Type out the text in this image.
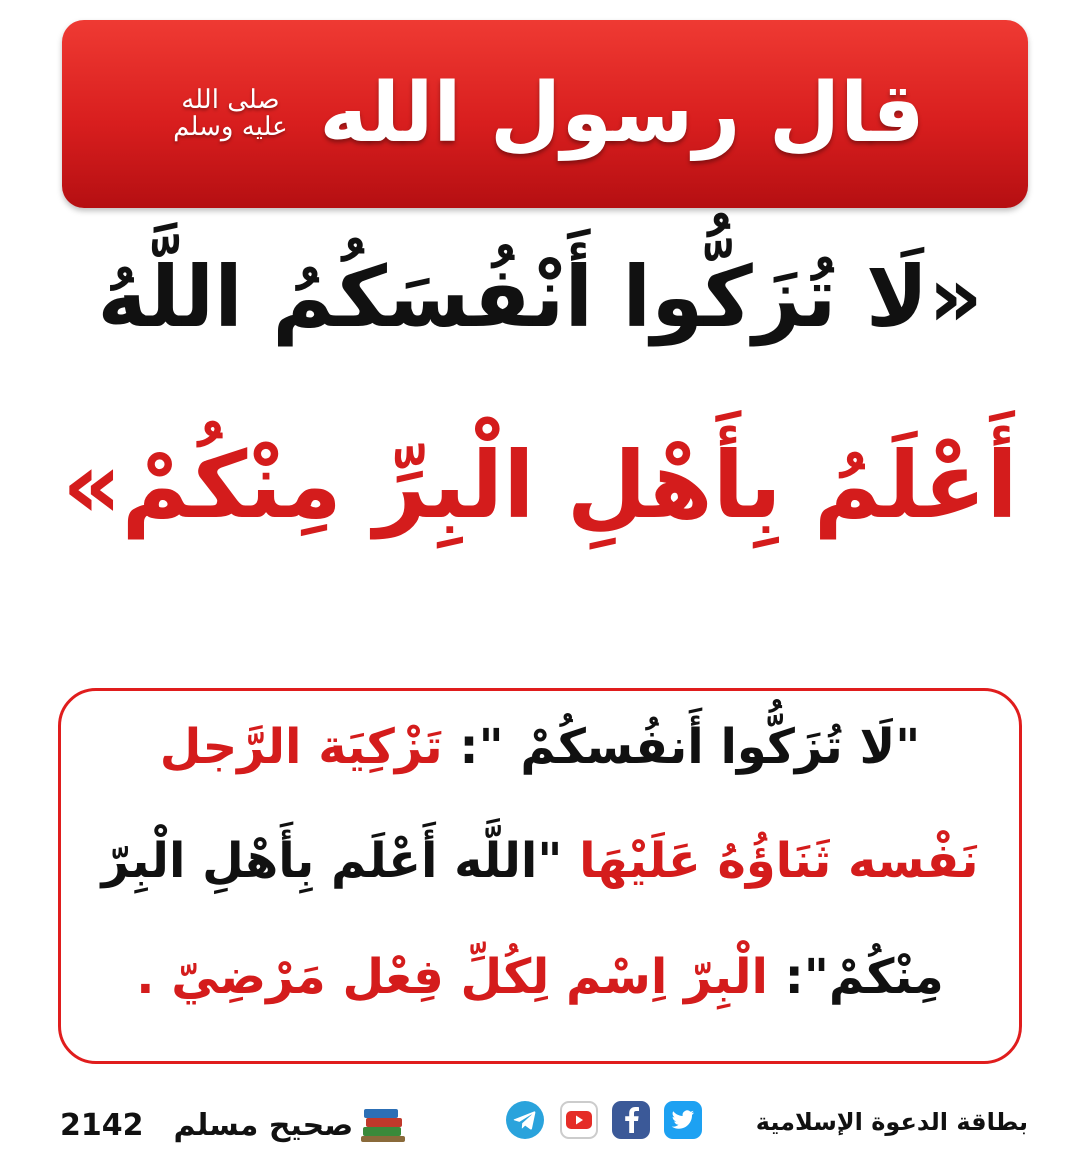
قال رسول الله
صلى الله عليه وسلم
«لَا تُزَكُّوا أَنْفُسَكُمُ اللَّهُ
أَعْلَمُ بِأَهْلِ الْبِرِّ مِنْكُمْ»
"لَا تُزَكُّوا أَنفُسكُمْ ": تَزْكِيَة الرَّجل
نَفْسه ثَنَاؤُهُ عَلَيْهَا "اللَّه أَعْلَم بِأَهْلِ الْبِرّ
مِنْكُمْ": الْبِرّ اِسْم لِكُلِّ فِعْل مَرْضِيّ .
صحيح مسلم
2142	بطاقة الدعوة الإسلامية
